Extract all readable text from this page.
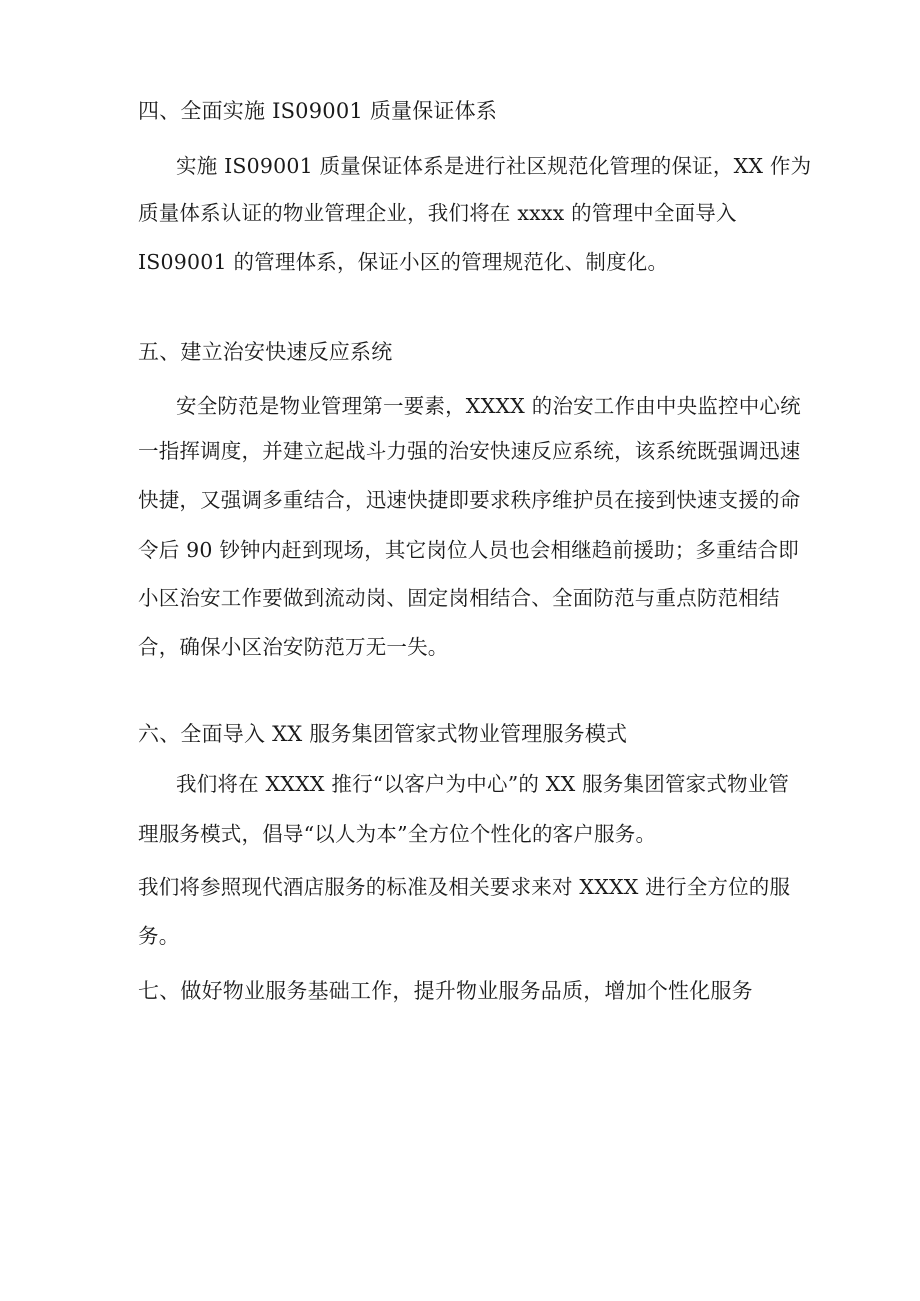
四、全面实施 IS09001 质量保证体系
实施 IS09001 质量保证体系是进行社区规范化管理的保证，XX 作为
质量体系认证的物业管理企业，我们将在 xxxx 的管理中全面导入
IS09001 的管理体系，保证小区的管理规范化、制度化。
五、建立治安快速反应系统
安全防范是物业管理第一要素，XXXX 的治安工作由中央监控中心统
一指挥调度，并建立起战斗力强的治安快速反应系统，该系统既强调迅速
快捷，又强调多重结合，迅速快捷即要求秩序维护员在接到快速支援的命
令后 90 钞钟内赶到现场，其它岗位人员也会相继趋前援助；多重结合即
小区治安工作要做到流动岗、固定岗相结合、全面防范与重点防范相结
合，确保小区治安防范万无一失。
六、全面导入 XX 服务集团管家式物业管理服务模式
我们将在 XXXX 推行“以客户为中心”的 XX 服务集团管家式物业管
理服务模式，倡导“以人为本”全方位个性化的客户服务。
我们将参照现代酒店服务的标准及相关要求来对 XXXX 进行全方位的服
务。
七、做好物业服务基础工作，提升物业服务品质，增加个性化服务
